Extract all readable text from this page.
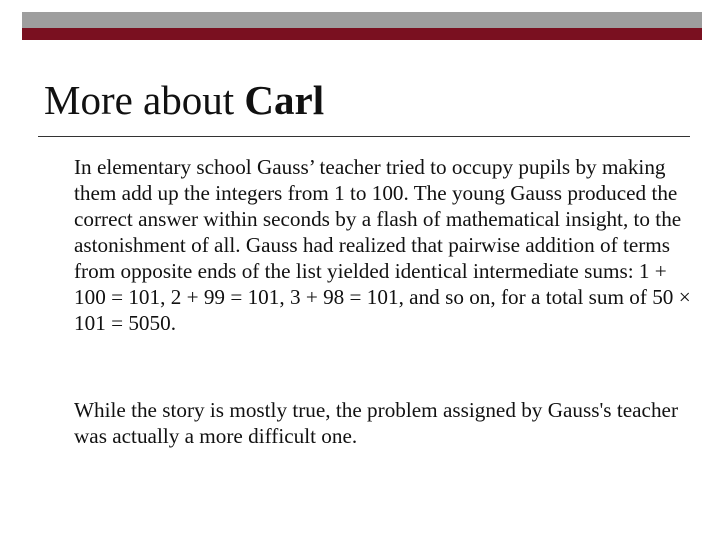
More about Carl

In elementary school Gauss’ teacher tried to occupy pupils by making them add up the integers from 1 to 100. The young Gauss produced the correct answer within seconds by a flash of mathematical insight, to the astonishment of all. Gauss had realized that pairwise addition of terms from opposite ends of the list yielded identical intermediate sums: 1 + 100 = 101, 2 + 99 = 101, 3 + 98 = 101, and so on, for a total sum of 50 × 101 = 5050.

While the story is mostly true, the problem assigned by Gauss's teacher was actually a more difficult one.
